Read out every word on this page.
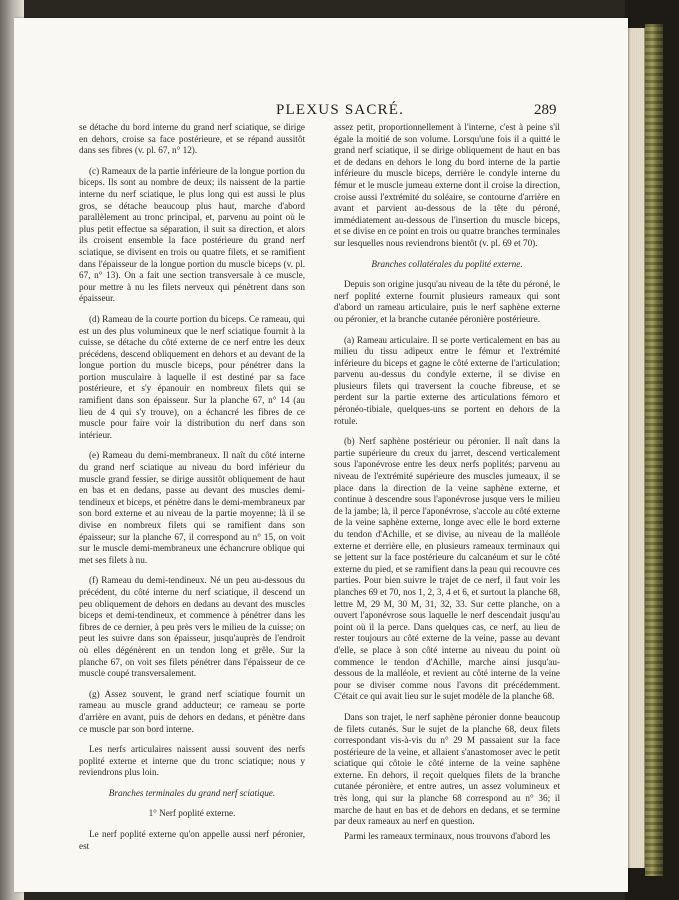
PLEXUS SACRÉ.	289

se détache du bord interne du grand nerf sciatique, se dirige en dehors, croise sa face postérieure, et se répand aussitôt dans ses fibres (v. pl. 67, n° 12).

(c) Rameaux de la partie inférieure de la longue portion du biceps. Ils sont au nombre de deux; ils naissent de la partie interne du nerf sciatique, le plus long qui est aussi le plus gros, se détache beaucoup plus haut, marche d'abord parallèlement au tronc principal, et, parvenu au point où le plus petit effectue sa séparation, il suit sa direction, et alors ils croisent ensemble la face postérieure du grand nerf sciatique, se divisent en trois ou quatre filets, et se ramifient dans l'épaisseur de la longue portion du muscle biceps (v. pl. 67, n° 13). On a fait une section transversale à ce muscle, pour mettre à nu les filets nerveux qui pénètrent dans son épaisseur.

(d) Rameau de la courte portion du biceps. Ce rameau, qui est un des plus volumineux que le nerf sciatique fournit à la cuisse, se détache du côté externe de ce nerf entre les deux précédens, descend obliquement en dehors et au devant de la longue portion du muscle biceps, pour pénétrer dans la portion musculaire à laquelle il est destiné par sa face postérieure, et s'y épanouir en nombreux filets qui se ramifient dans son épaisseur. Sur la planche 67, n° 14 (au lieu de 4 qui s'y trouve), on a échancré les fibres de ce muscle pour faire voir la distribution du nerf dans son intérieur.

(e) Rameau du demi-membraneux. Il naît du côté interne du grand nerf sciatique au niveau du bord inférieur du muscle grand fessier, se dirige aussitôt obliquement de haut en bas et en dedans, passe au devant des muscles demi-tendineux et biceps, et pénètre dans le demi-membraneux par son bord externe et au niveau de la partie moyenne; là il se divise en nombreux filets qui se ramifient dans son épaisseur; sur la planche 67, il correspond au n° 15, on voit sur le muscle demi-membraneux une échancrure oblique qui met ses filets à nu.

(f) Rameau du demi-tendineux. Né un peu au-dessous du précédent, du côté interne du nerf sciatique, il descend un peu obliquement de dehors en dedans au devant des muscles biceps et demi-tendineux, et commence à pénétrer dans les fibres de ce dernier, à peu près vers le milieu de la cuisse; on peut les suivre dans son épaisseur, jusqu'auprès de l'endroit où elles dégénèrent en un tendon long et grêle. Sur la planche 67, on voit ses filets pénétrer dans l'épaisseur de ce muscle coupé transversalement.

(g) Assez souvent, le grand nerf sciatique fournit un rameau au muscle grand adducteur; ce rameau se porte d'arrière en avant, puis de dehors en dedans, et pénètre dans ce muscle par son bord interne.

Les nerfs articulaires naissent aussi souvent des nerfs poplité externe et interne que du tronc sciatique; nous y reviendrons plus loin.

Branches terminales du grand nerf sciatique.

1° Nerf poplité externe.

Le nerf poplité externe qu'on appelle aussi nerf péronier, est

assez petit, proportionnellement à l'interne, c'est à peine s'il égale la moitié de son volume. Lorsqu'une fois il a quitté le grand nerf sciatique, il se dirige obliquement de haut en bas et de dedans en dehors le long du bord interne de la partie inférieure du muscle biceps, derrière le condyle interne du fémur et le muscle jumeau externe dont il croise la direction, croise aussi l'extrémité du soléaire, se contourne d'arrière en avant et parvient au-dessous de la tête du péroné, immédiatement au-dessous de l'insertion du muscle biceps, et se divise en ce point en trois ou quatre branches terminales sur lesquelles nous reviendrons bientôt (v. pl. 69 et 70).

Branches collatérales du poplité externe.

Depuis son origine jusqu'au niveau de la tête du péroné, le nerf poplité externe fournit plusieurs rameaux qui sont d'abord un rameau articulaire, puis le nerf saphène externe ou péronier, et la branche cutanée péronière postérieure.

(a) Rameau articulaire. Il se porte verticalement en bas au milieu du tissu adipeux entre le fémur et l'extrémité inférieure du biceps et gagne le côté externe de l'articulation; parvenu au-dessus du condyle externe, il se divise en plusieurs filets qui traversent la couche fibreuse, et se perdent sur la partie externe des articulations fémoro et péronéo-tibiale, quelques-uns se portent en dehors de la rotule.

(b) Nerf saphène postérieur ou péronier. Il naît dans la partie supérieure du creux du jarret, descend verticalement sous l'aponévrose entre les deux nerfs poplités; parvenu au niveau de l'extrémité supérieure des muscles jumeaux, il se place dans la direction de la veine saphène externe, et continue à descendre sous l'aponévrose jusque vers le milieu de la jambe; là, il perce l'aponévrose, s'accole au côté externe de la veine saphène externe, longe avec elle le bord externe du tendon d'Achille, et se divise, au niveau de la malléole externe et derrière elle, en plusieurs rameaux terminaux qui se jettent sur la face postérieure du calcanéum et sur le côté externe du pied, et se ramifient dans la peau qui recouvre ces parties. Pour bien suivre le trajet de ce nerf, il faut voir les planches 69 et 70, nos 1, 2, 3, 4 et 6, et surtout la planche 68, lettre M, 29 M, 30 M, 31, 32, 33. Sur cette planche, on a ouvert l'aponévrose sous laquelle le nerf descendait jusqu'au point où il la perce. Dans quelques cas, ce nerf, au lieu de rester toujours au côté externe de la veine, passe au devant d'elle, se place à son côté interne au niveau du point où commence le tendon d'Achille, marche ainsi jusqu'au-dessous de la malléole, et revient au côté interne de la veine pour se diviser comme nous l'avons dit précédemment. C'était ce qui avait lieu sur le sujet modèle de la planche 68.

Dans son trajet, le nerf saphène péronier donne beaucoup de filets cutanés. Sur le sujet de la planche 68, deux filets correspondant vis-à-vis du n° 29 M passaient sur la face postérieure de la veine, et allaient s'anastomoser avec le petit sciatique qui côtoie le côté interne de la veine saphène externe. En dehors, il reçoit quelques filets de la branche cutanée péronière, et entre autres, un assez volumineux et très long, qui sur la planche 68 correspond au n° 36; il marche de haut en bas et de dehors en dedans, et se termine par deux rameaux au nerf en question.

Parmi les rameaux terminaux, nous trouvons d'abord les
